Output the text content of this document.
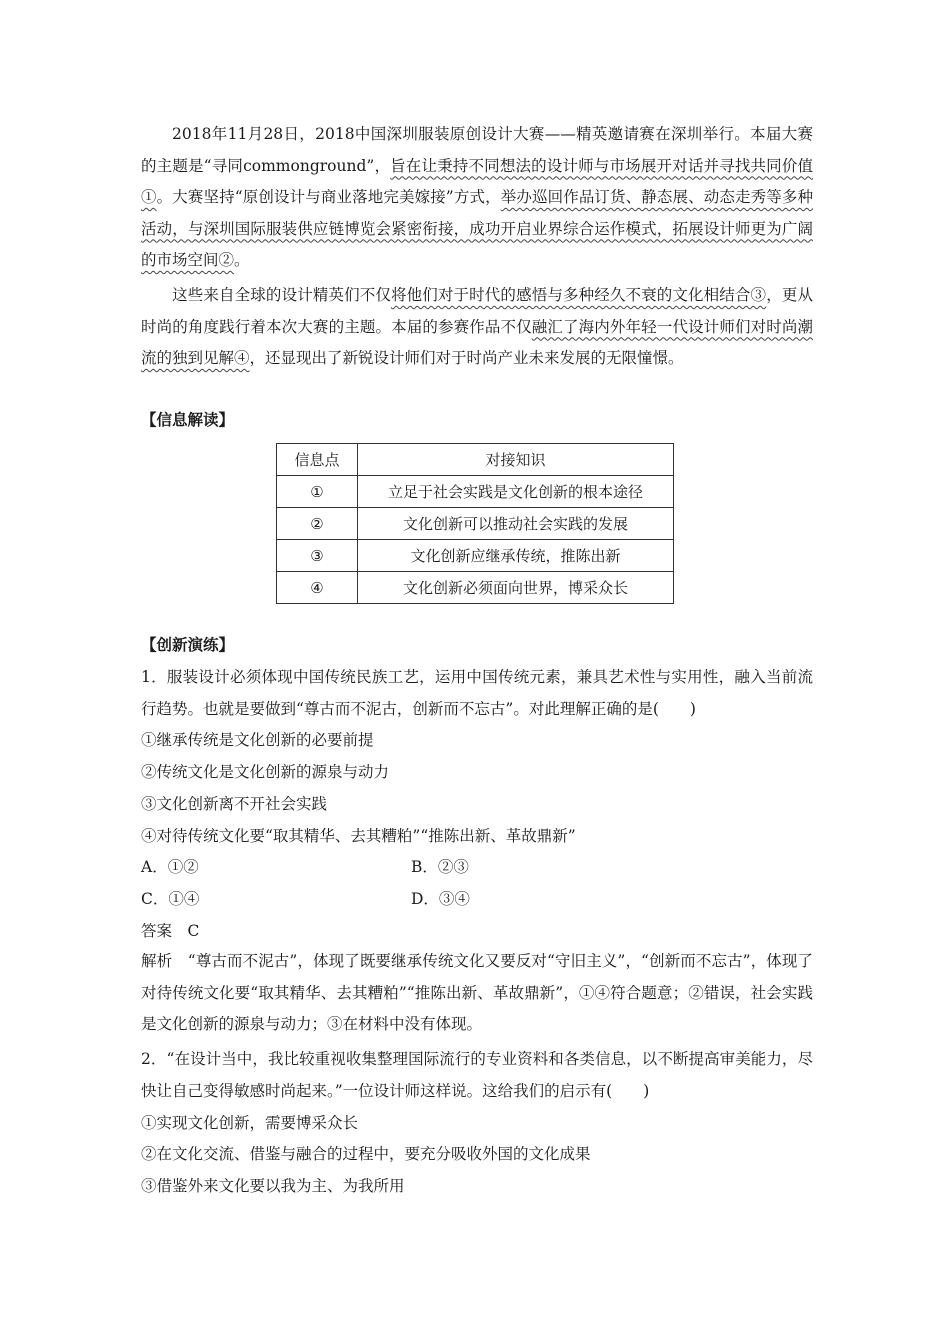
2018年11月28日，2018中国深圳服装原创设计大赛——精英邀请赛在深圳举行。本届大赛的主题是“寻同commonground”，旨在让秉持不同想法的设计师与市场展开对话并寻找共同价值①。大赛坚持“原创设计与商业落地完美嫁接”方式，举办巡回作品订货、静态展、动态走秀等多种活动，与深圳国际服装供应链博览会紧密衔接，成功开启业界综合运作模式，拓展设计师更为广阔的市场空间②。

这些来自全球的设计精英们不仅将他们对于时代的感悟与多种经久不衰的文化相结合③，更从时尚的角度践行着本次大赛的主题。本届的参赛作品不仅融汇了海内外年轻一代设计师们对时尚潮流的独到见解④，还显现出了新锐设计师们对于时尚产业未来发展的无限憧憬。

【信息解读】
信息点	对接知识
①	立足于社会实践是文化创新的根本途径
②	文化创新可以推动社会实践的发展
③	文化创新应继承传统，推陈出新
④	文化创新必须面向世界，博采众长
【创新演练】

1．服装设计必须体现中国传统民族工艺，运用中国传统元素，兼具艺术性与实用性，融入当前流行趋势。也就是要做到“尊古而不泥古，创新而不忘古”。对此理解正确的是(　　)

①继承传统是文化创新的必要前提
②传统文化是文化创新的源泉与动力
③文化创新离不开社会实践
④对待传统文化要“取其精华、去其糟粕”“推陈出新、革故鼎新”
A．①②	B．②③
C．①④	D．③④
答案　C

解析　“尊古而不泥古”，体现了既要继承传统文化又要反对“守旧主义”，“创新而不忘古”，体现了对待传统文化要“取其精华、去其糟粕”“推陈出新、革故鼎新”，①④符合题意；②错误，社会实践是文化创新的源泉与动力；③在材料中没有体现。

2．“在设计当中，我比较重视收集整理国际流行的专业资料和各类信息，以不断提高审美能力，尽快让自己变得敏感时尚起来。”一位设计师这样说。这给我们的启示有(　　)

①实现文化创新，需要博采众长
②在文化交流、借鉴与融合的过程中，要充分吸收外国的文化成果
③借鉴外来文化要以我为主、为我所用
